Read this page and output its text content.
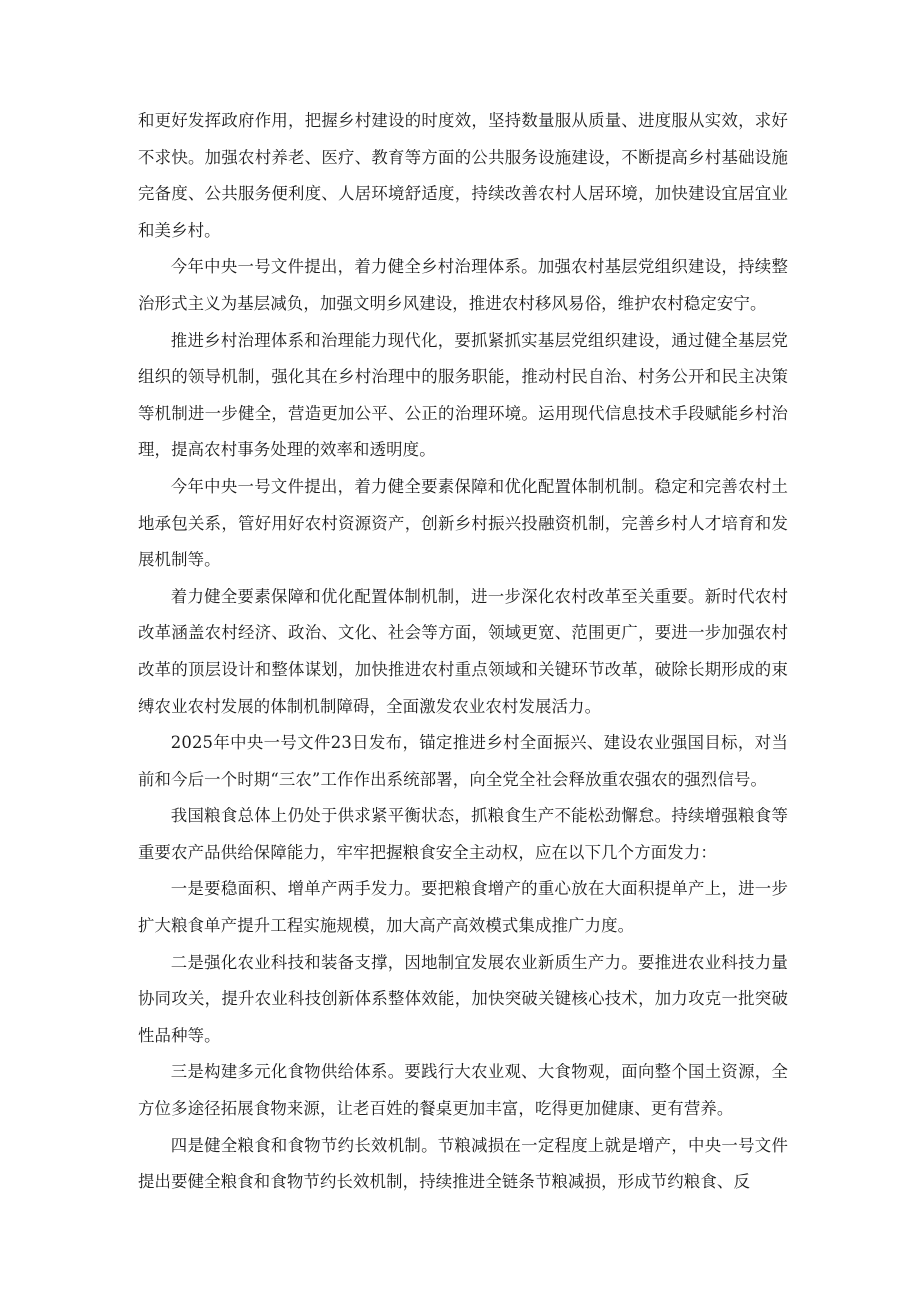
和更好发挥政府作用，把握乡村建设的时度效，坚持数量服从质量、进度服从实效，求好不求快。加强农村养老、医疗、教育等方面的公共服务设施建设，不断提高乡村基础设施完备度、公共服务便利度、人居环境舒适度，持续改善农村人居环境，加快建设宜居宜业和美乡村。

今年中央一号文件提出，着力健全乡村治理体系。加强农村基层党组织建设，持续整治形式主义为基层减负，加强文明乡风建设，推进农村移风易俗，维护农村稳定安宁。

推进乡村治理体系和治理能力现代化，要抓紧抓实基层党组织建设，通过健全基层党组织的领导机制，强化其在乡村治理中的服务职能，推动村民自治、村务公开和民主决策等机制进一步健全，营造更加公平、公正的治理环境。运用现代信息技术手段赋能乡村治理，提高农村事务处理的效率和透明度。

今年中央一号文件提出，着力健全要素保障和优化配置体制机制。稳定和完善农村土地承包关系，管好用好农村资源资产，创新乡村振兴投融资机制，完善乡村人才培育和发展机制等。

着力健全要素保障和优化配置体制机制，进一步深化农村改革至关重要。新时代农村改革涵盖农村经济、政治、文化、社会等方面，领域更宽、范围更广，要进一步加强农村改革的顶层设计和整体谋划，加快推进农村重点领域和关键环节改革，破除长期形成的束缚农业农村发展的体制机制障碍，全面激发农业农村发展活力。

2025年中央一号文件23日发布，锚定推进乡村全面振兴、建设农业强国目标，对当前和今后一个时期“三农”工作作出系统部署，向全党全社会释放重农强农的强烈信号。

我国粮食总体上仍处于供求紧平衡状态，抓粮食生产不能松劲懈怠。持续增强粮食等重要农产品供给保障能力，牢牢把握粮食安全主动权，应在以下几个方面发力：

一是要稳面积、增单产两手发力。要把粮食增产的重心放在大面积提单产上，进一步扩大粮食单产提升工程实施规模，加大高产高效模式集成推广力度。

二是强化农业科技和装备支撑，因地制宜发展农业新质生产力。要推进农业科技力量协同攻关，提升农业科技创新体系整体效能，加快突破关键核心技术，加力攻克一批突破性品种等。

三是构建多元化食物供给体系。要践行大农业观、大食物观，面向整个国土资源，全方位多途径拓展食物来源，让老百姓的餐桌更加丰富，吃得更加健康、更有营养。

四是健全粮食和食物节约长效机制。节粮减损在一定程度上就是增产，中央一号文件提出要健全粮食和食物节约长效机制，持续推进全链条节粮减损，形成节约粮食、反
